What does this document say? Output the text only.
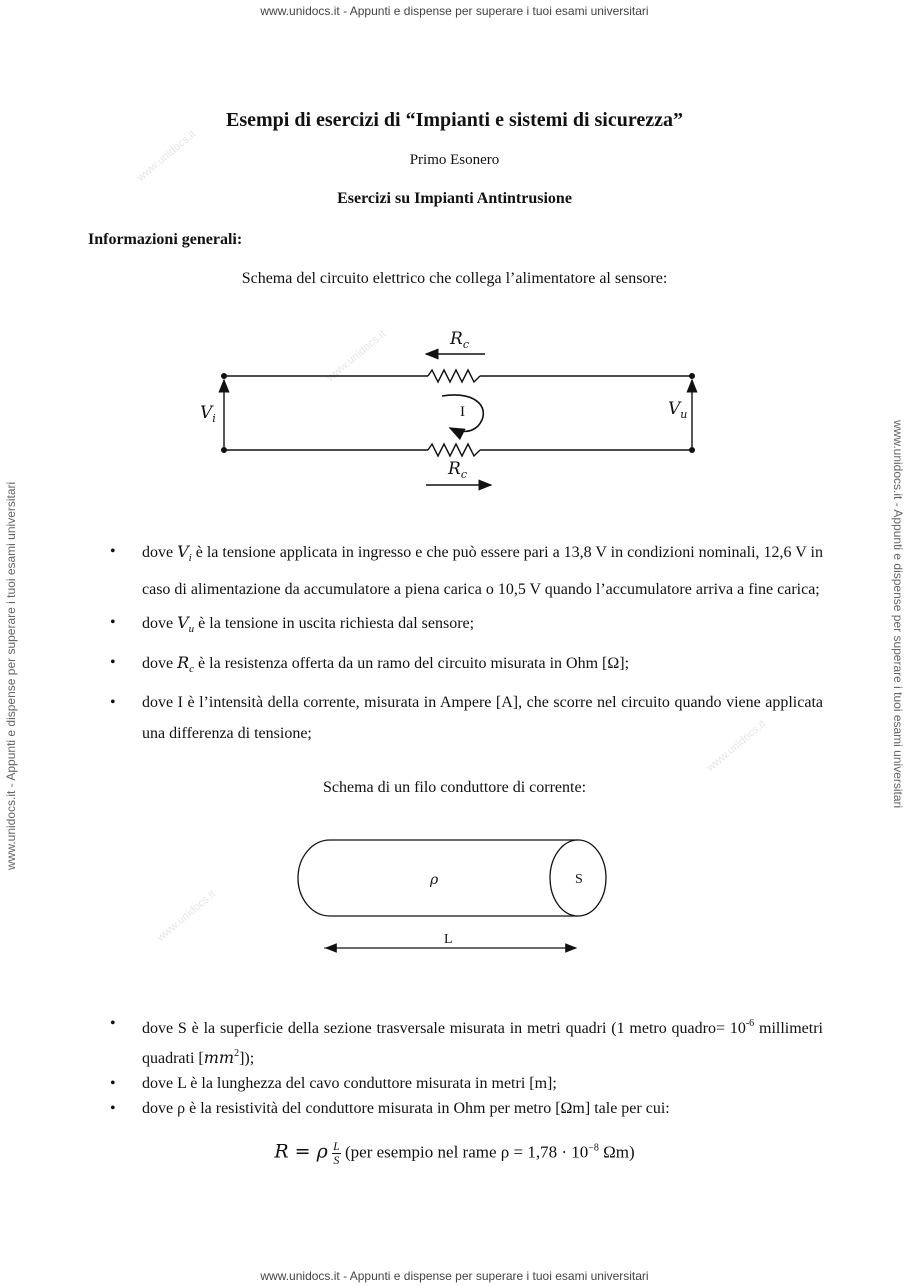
www.unidocs.it - Appunti e dispense per superare i tuoi esami universitari
www.unidocs.it - Appunti e dispense per superare i tuoi esami universitari
www.unidocs.it - Appunti e dispense per superare i tuoi esami universitari	www.unidocs.it - Appunti e dispense per superare i tuoi esami universitari
www.unidocs.it
www.unidocs.it
www.unidocs.it
www.unidocs.it
Esempi di esercizi di “Impianti e sistemi di sicurezza”
Primo Esonero
Esercizi su Impianti Antintrusione
Informazioni generali:
Schema del circuito elettrico che collega l’alimentatore al sensore:
$V_i$	$V_u$
$R_c$
$R_c$
I
• dove $V_i$ è la tensione applicata in ingresso e che può essere pari a 13,8 V in condizioni nominali, 12,6 V in caso di alimentazione da accumulatore a piena carica o 10,5 V quando l’accumulatore arriva a fine carica;
• dove $V_u$ è la tensione in uscita richiesta dal sensore;
• dove $R_c$ è la resistenza offerta da un ramo del circuito misurata in Ohm [Ω];
• dove I è l’intensità della corrente, misurata in Ampere [A], che scorre nel circuito quando viene applicata una differenza di tensione;
Schema di un filo conduttore di corrente:
ρ	S
L
• dove S è la superficie della sezione trasversale misurata in metri quadri (1 metro quadro= $10^{-6}$ millimetri quadrati $[mm^2]$);
• dove L è la lunghezza del cavo conduttore misurata in metri [m];
• dove ρ è la resistività del conduttore misurata in Ohm per metro [Ωm] tale per cui:
R = ρ $\frac{L}{S} (per$ esempio nel rame $\rho = 1,78 \cdot 10^{-8}$ Ωm)
